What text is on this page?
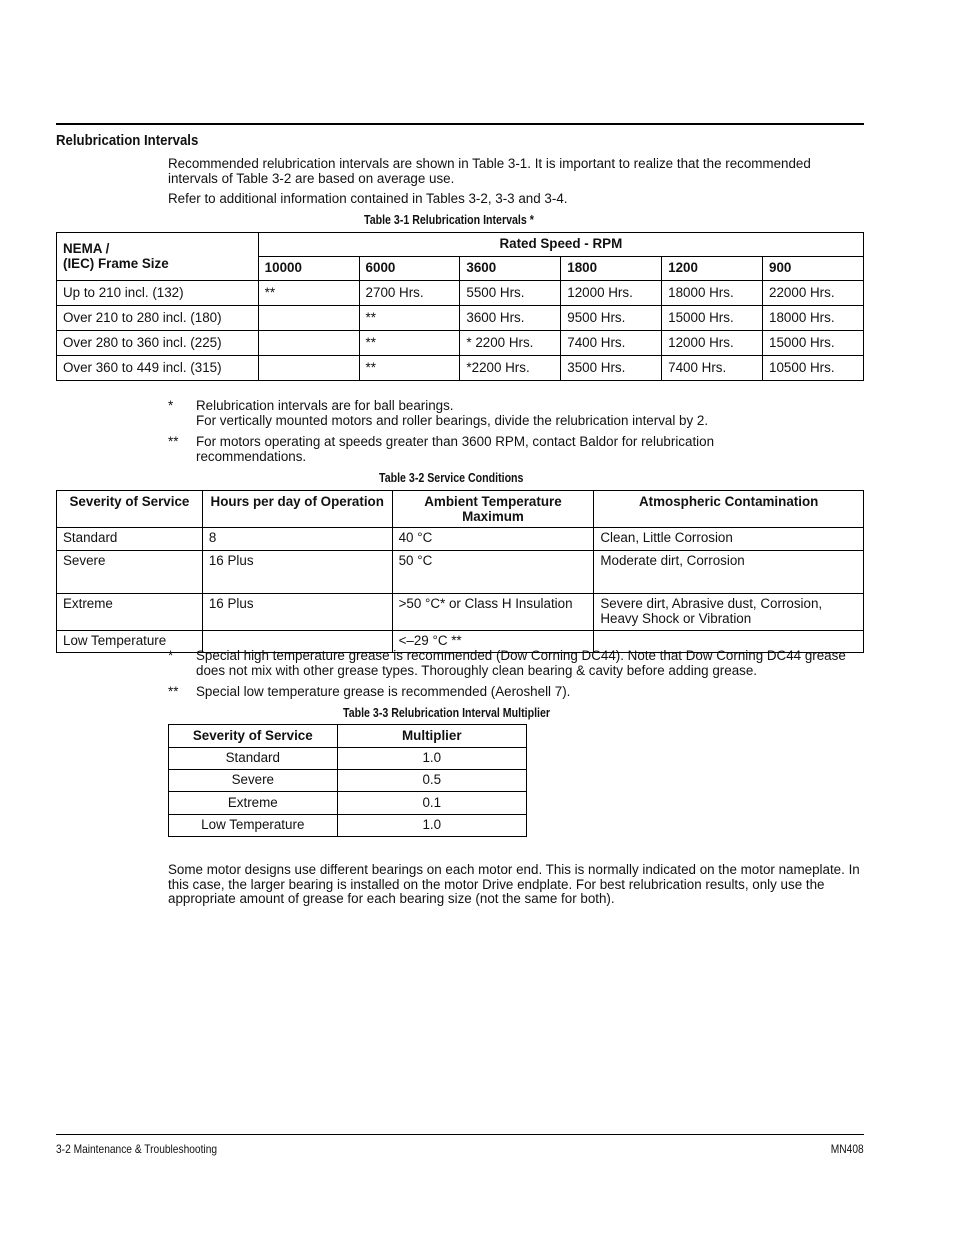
Relubrication Intervals
Recommended relubrication intervals are shown in Table 3-1. It is important to realize that the recommended intervals of Table 3-2 are based on average use.
Refer to additional information contained in Tables 3-2, 3-3 and 3-4.
Table 3-1 Relubrication Intervals *
NEMA /
(IEC) Frame Size	Rated Speed - RPM					
	10000	6000	3600	1800	1200	900
Up to 210 incl. (132)	**	2700 Hrs.	5500 Hrs.	12000 Hrs.	18000 Hrs.	22000 Hrs.
Over 210 to 280 incl. (180)		**	3600 Hrs.	9500 Hrs.	15000 Hrs.	18000 Hrs.
Over 280 to 360 incl. (225)		**	* 2200 Hrs.	7400 Hrs.	12000 Hrs.	15000 Hrs.
Over 360 to 449 incl. (315)		**	*2200 Hrs.	3500 Hrs.	7400 Hrs.	10500 Hrs.
* Relubrication intervals are for ball bearings.
For vertically mounted motors and roller bearings, divide the relubrication interval by 2.
** For motors operating at speeds greater than 3600 RPM, contact Baldor for relubrication recommendations.
Table 3-2 Service Conditions
Severity of Service	Hours per day of Operation	Ambient Temperature Maximum	Atmospheric Contamination
Standard	8	40 °C	Clean, Little Corrosion
Severe	16 Plus	50 °C	Moderate dirt, Corrosion
Extreme	16 Plus	>50 °C* or Class H Insulation	Severe dirt, Abrasive dust, Corrosion, Heavy Shock or Vibration
Low Temperature		<–29 °C **	
* Special high temperature grease is recommended (Dow Corning DC44). Note that Dow Corning DC44 grease does not mix with other grease types. Thoroughly clean bearing & cavity before adding grease.
** Special low temperature grease is recommended (Aeroshell 7).
Table 3-3 Relubrication Interval Multiplier
Severity of Service	Multiplier
Standard	1.0
Severe	0.5
Extreme	0.1
Low Temperature	1.0
Some motor designs use different bearings on each motor end. This is normally indicated on the motor nameplate. In this case, the larger bearing is installed on the motor Drive endplate. For best relubrication results, only use the appropriate amount of grease for each bearing size (not the same for both).
3-2 Maintenance & Troubleshooting	MN408
